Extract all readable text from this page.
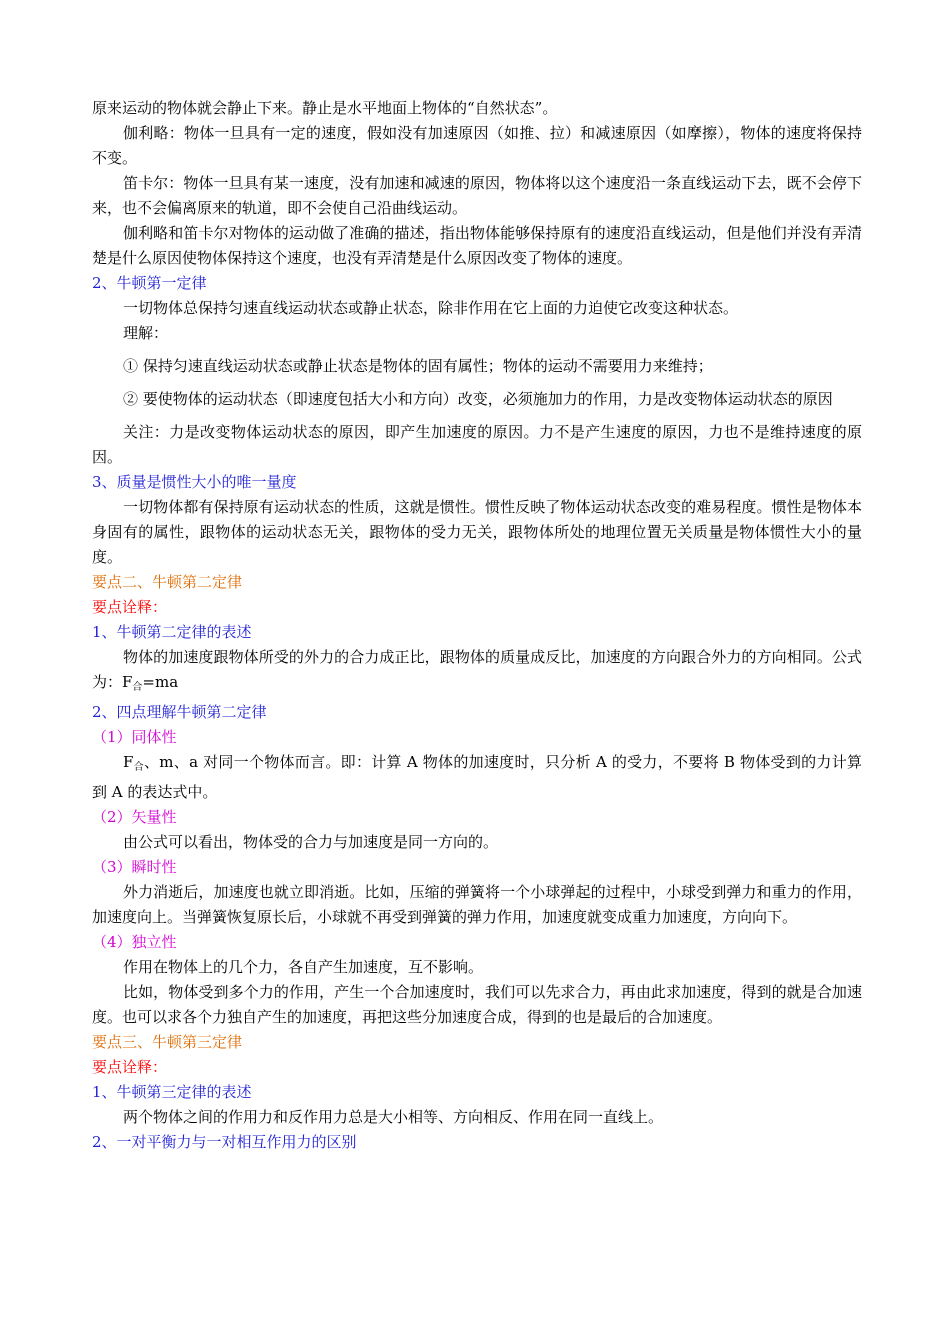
原来运动的物体就会静止下来。静止是水平地面上物体的“自然状态”。

伽利略：物体一旦具有一定的速度，假如没有加速原因（如推、拉）和减速原因（如摩擦），物体的速度将保持不变。

笛卡尔：物体一旦具有某一速度，没有加速和减速的原因，物体将以这个速度沿一条直线运动下去，既不会停下来，也不会偏离原来的轨道，即不会使自己沿曲线运动。

伽利略和笛卡尔对物体的运动做了准确的描述，指出物体能够保持原有的速度沿直线运动，但是他们并没有弄清楚是什么原因使物体保持这个速度，也没有弄清楚是什么原因改变了物体的速度。

2、牛顿第一定律

一切物体总保持匀速直线运动状态或静止状态，除非作用在它上面的力迫使它改变这种状态。

理解：

① 保持匀速直线运动状态或静止状态是物体的固有属性；物体的运动不需要用力来维持；

② 要使物体的运动状态（即速度包括大小和方向）改变，必须施加力的作用，力是改变物体运动状态的原因

关注：力是改变物体运动状态的原因，即产生加速度的原因。力不是产生速度的原因，力也不是维持速度的原因。

3、质量是惯性大小的唯一量度

一切物体都有保持原有运动状态的性质，这就是惯性。惯性反映了物体运动状态改变的难易程度。惯性是物体本身固有的属性，跟物体的运动状态无关，跟物体的受力无关，跟物体所处的地理位置无关质量是物体惯性大小的量度。

要点二、牛顿第二定律

要点诠释：

1、牛顿第二定律的表述

物体的加速度跟物体所受的外力的合力成正比，跟物体的质量成反比，加速度的方向跟合外力的方向相同。公式为：$F_合=ma$

2、四点理解牛顿第二定律

（1）同体性

$F_合$、m、a 对同一个物体而言。即：计算 A 物体的加速度时，只分析 A 的受力，不要将 B 物体受到的力计算到 A 的表达式中。

（2）矢量性

由公式可以看出，物体受的合力与加速度是同一方向的。

（3）瞬时性

外力消逝后，加速度也就立即消逝。比如，压缩的弹簧将一个小球弹起的过程中，小球受到弹力和重力的作用，加速度向上。当弹簧恢复原长后，小球就不再受到弹簧的弹力作用，加速度就变成重力加速度，方向向下。

（4）独立性

作用在物体上的几个力，各自产生加速度，互不影响。

比如，物体受到多个力的作用，产生一个合加速度时，我们可以先求合力，再由此求加速度，得到的就是合加速度。也可以求各个力独自产生的加速度，再把这些分加速度合成，得到的也是最后的合加速度。

要点三、牛顿第三定律

要点诠释：

1、牛顿第三定律的表述

两个物体之间的作用力和反作用力总是大小相等、方向相反、作用在同一直线上。

2、一对平衡力与一对相互作用力的区别
